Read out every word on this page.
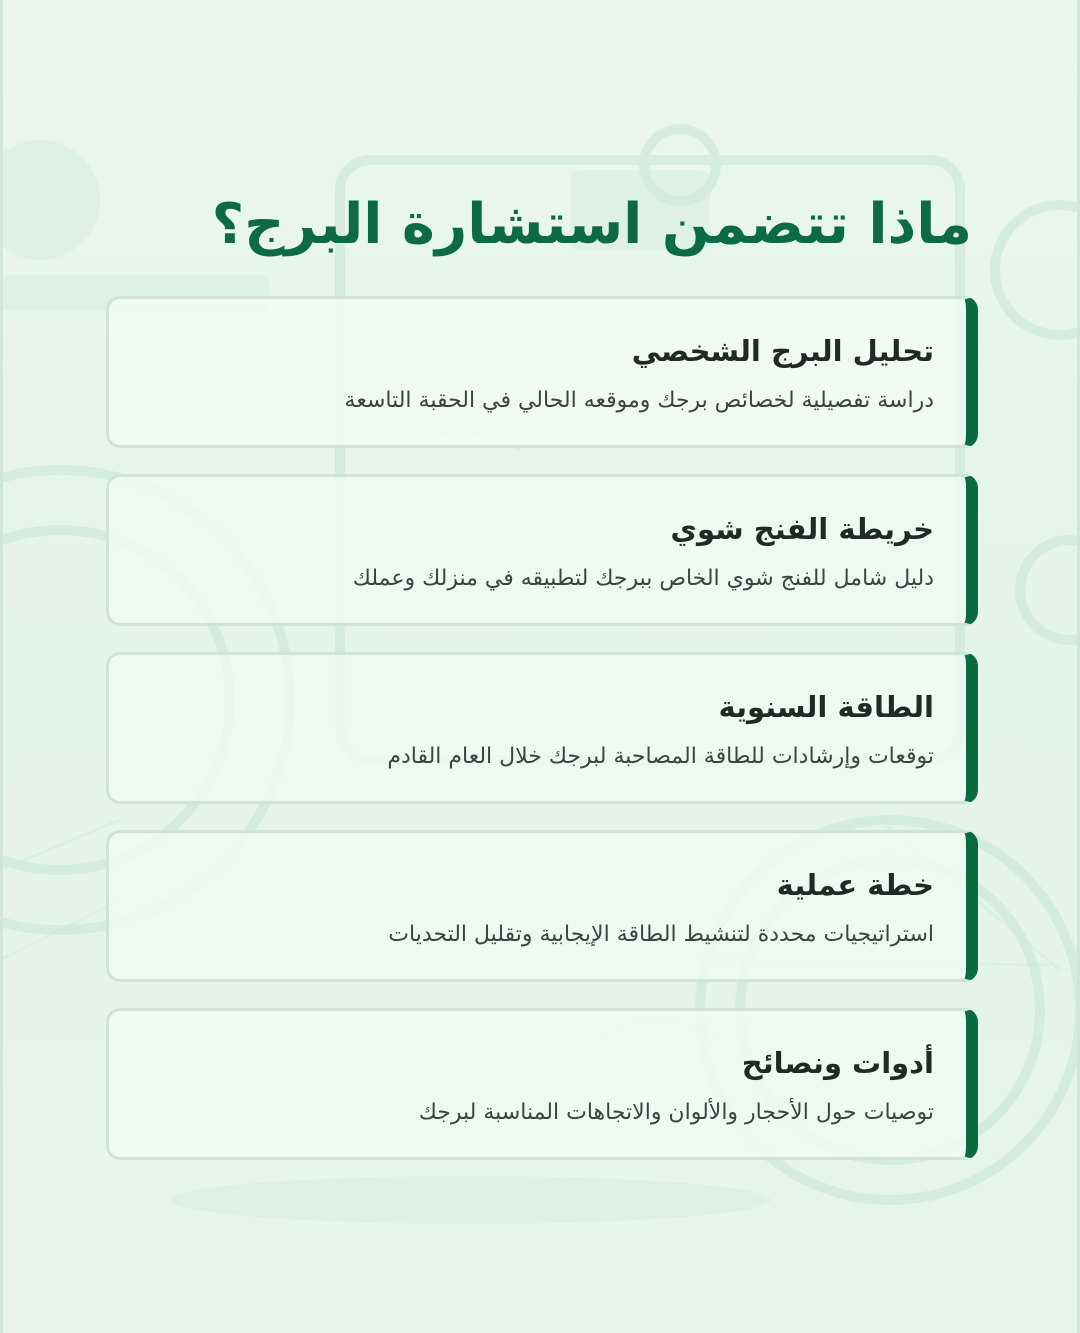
ماذا تتضمن استشارة البرج؟
تحليل البرج الشخصي
دراسة تفصيلية لخصائص برجك وموقعه الحالي في الحقبة التاسعة
خريطة الفنج شوي
دليل شامل للفنج شوي الخاص ببرجك لتطبيقه في منزلك وعملك
الطاقة السنوية
توقعات وإرشادات للطاقة المصاحبة لبرجك خلال العام القادم
خطة عملية
استراتيجيات محددة لتنشيط الطاقة الإيجابية وتقليل التحديات
أدوات ونصائح
توصيات حول الأحجار والألوان والاتجاهات المناسبة لبرجك
